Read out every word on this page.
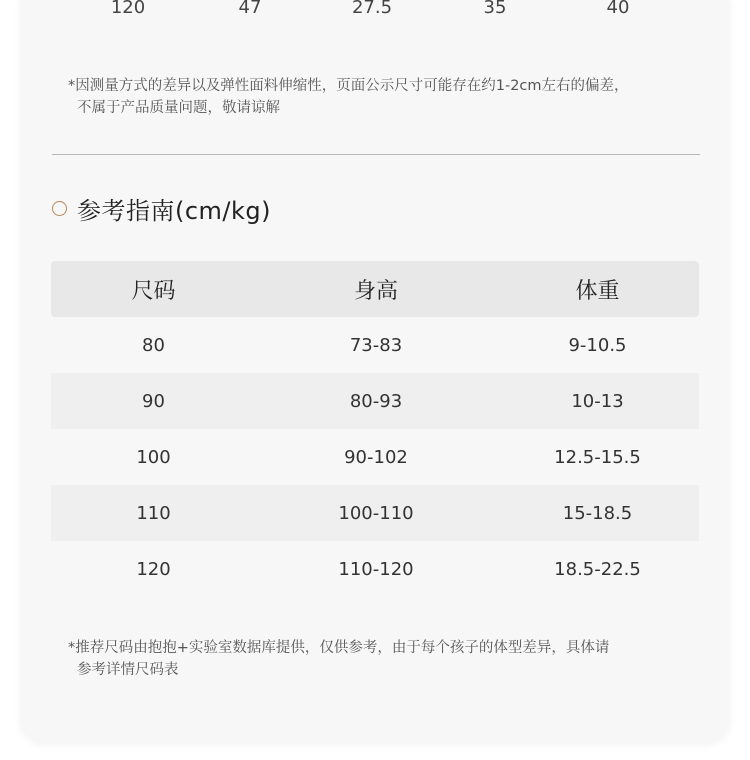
120	47	27.5	35	40
*因测量方式的差异以及弹性面料伸缩性，页面公示尺寸可能存在约1-2cm左右的偏差，
不属于产品质量问题，敬请谅解
参考指南(cm/kg)
尺码	身高	体重
80	73-83	9-10.5
90	80-93	10-13
100	90-102	12.5-15.5
110	100-110	15-18.5
120	110-120	18.5-22.5
*推荐尺码由抱抱+实验室数据库提供，仅供参考，由于每个孩子的体型差异，具体请
参考详情尺码表
